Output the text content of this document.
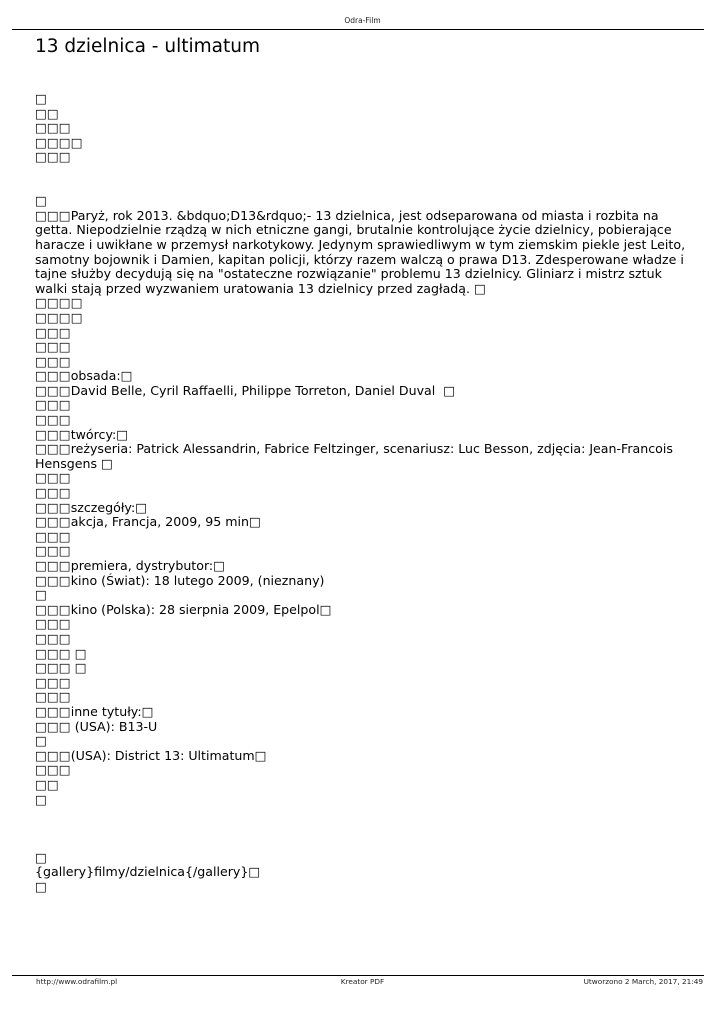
Odra-Film
13 dzielnica - ultimatum
□
□□
□□□
□□□□
□□□
□
□□□Paryż, rok 2013. &bdquo;D13&rdquo;- 13 dzielnica, jest odseparowana od miasta i rozbita na getta. Niepodzielnie rządzą w nich etniczne gangi, brutalnie kontrolujące życie dzielnicy, pobierające haracze i uwikłane w przemysł narkotykowy. Jedynym sprawiedliwym w tym ziemskim piekle jest Leito, samotny bojownik i Damien, kapitan policji, którzy razem walczą o prawa D13. Zdesperowane władze i tajne służby decydują się na "ostateczne rozwiązanie" problemu 13 dzielnicy. Gliniarz i mistrz sztuk walki stają przed wyzwaniem uratowania 13 dzielnicy przed zagładą. □
□□□□
□□□□
□□□
□□□
□□□
□□□obsada:□
□□□David Belle, Cyril Raffaelli, Philippe Torreton, Daniel Duval  □
□□□
□□□
□□□twórcy:□
□□□reżyseria: Patrick Alessandrin, Fabrice Feltzinger, scenariusz: Luc Besson, zdjęcia: Jean-Francois Hensgens □
□□□
□□□
□□□szczegóły:□
□□□akcja, Francja, 2009, 95 min□
□□□
□□□
□□□premiera, dystrybutor:□
□□□kino (Świat): 18 lutego 2009, (nieznany)
□
□□□kino (Polska): 28 sierpnia 2009, Epelpol□
□□□
□□□
□□□ □
□□□ □
□□□
□□□
□□□inne tytuły:□
□□□ (USA): B13-U
□
□□□(USA): District 13: Ultimatum□
□□□
□□
□
□
{gallery}filmy/dzielnica{/gallery}□
□
http://www.odrafilm.pl	Kreator PDF	Utworzono 2 March, 2017, 21:49
